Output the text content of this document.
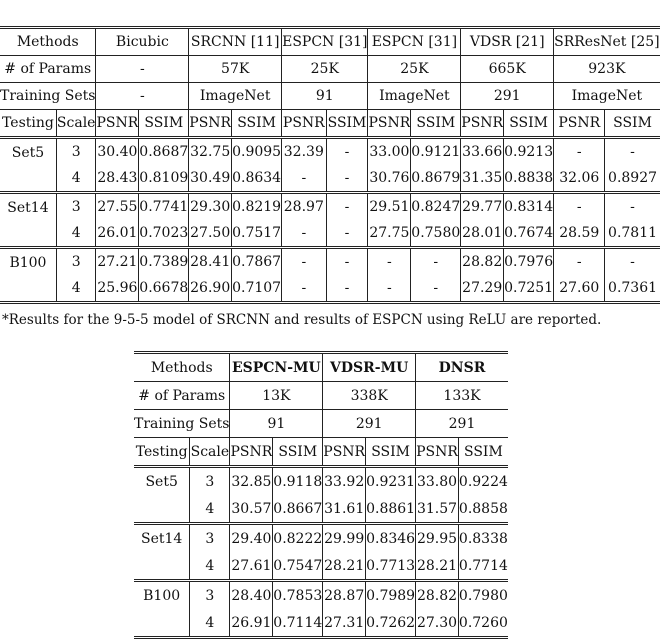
Methods		Bicubic		SRCNN [11]		ESPCN [31]		ESPCN [31]		VDSR [21]		SRResNet [25]	
# of Params		-		57K		25K		25K		665K		923K	
Training Sets		-		ImageNet		91		ImageNet		291		ImageNet	
Testing	Scale	PSNR	SSIM	PSNR	SSIM	PSNR	SSIM	PSNR	SSIM	PSNR	SSIM	PSNR	SSIM
Set5	3	30.40	0.8687	32.75	0.9095	32.39	-	33.00	0.9121	33.66	0.9213	-	-
	4	28.43	0.8109	30.49	0.8634	-	-	30.76	0.8679	31.35	0.8838	32.06	0.8927
Set14	3	27.55	0.7741	29.30	0.8219	28.97	-	29.51	0.8247	29.77	0.8314	-	-
	4	26.01	0.7023	27.50	0.7517	-	-	27.75	0.7580	28.01	0.7674	28.59	0.7811
B100	3	27.21	0.7389	28.41	0.7867	-	-	-	-	28.82	0.7976	-	-
	4	25.96	0.6678	26.90	0.7107	-	-	-	-	27.29	0.7251	27.60	0.7361
*Results for the 9-5-5 model of SRCNN and results of ESPCN using ReLU are reported.
Methods		ESPCN-MU		VDSR-MU		DNSR	
# of Params		13K		338K		133K	
Training Sets		91		291		291	
Testing	Scale	PSNR	SSIM	PSNR	SSIM	PSNR	SSIM
Set5	3	32.85	0.9118	33.92	0.9231	33.80	0.9224
	4	30.57	0.8667	31.61	0.8861	31.57	0.8858
Set14	3	29.40	0.8222	29.99	0.8346	29.95	0.8338
	4	27.61	0.7547	28.21	0.7713	28.21	0.7714
B100	3	28.40	0.7853	28.87	0.7989	28.82	0.7980
	4	26.91	0.7114	27.31	0.7262	27.30	0.7260
